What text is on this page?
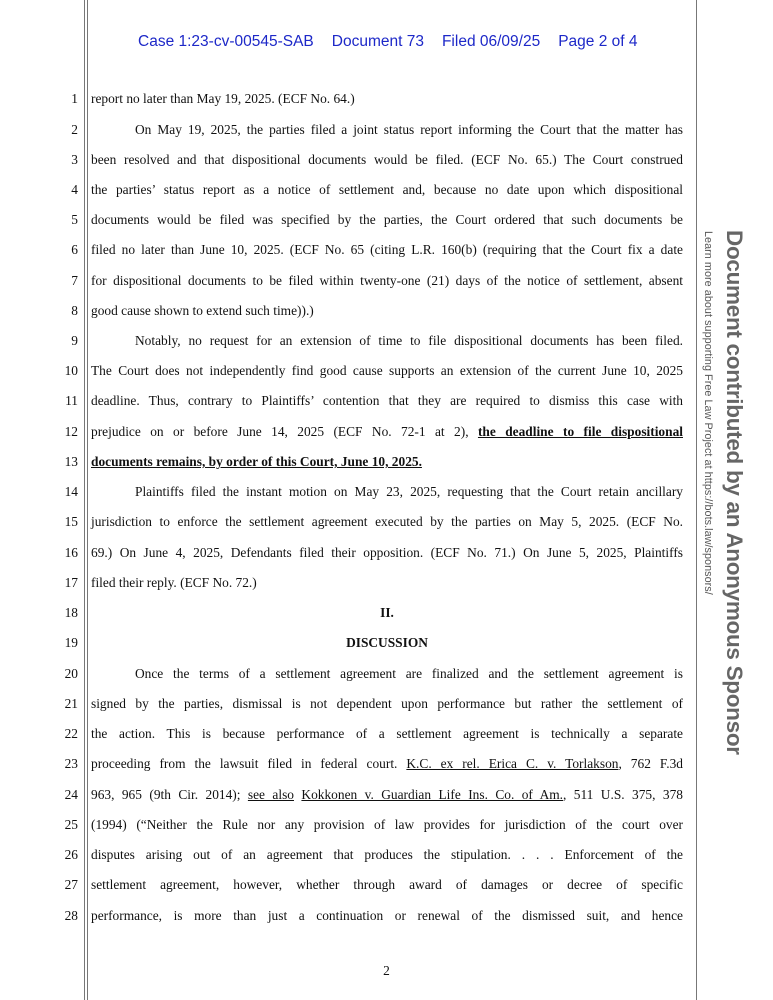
Case 1:23-cv-00545-SAB Document 73 Filed 06/09/25 Page 2 of 4
1
2
3
4
5
6
7
8
9
10
11
12
13
14
15
16
17
18
19
20
21
22
23
24
25
26
27
28
report no later than May 19, 2025. (ECF No. 64.)
On May 19, 2025, the parties filed a joint status report informing the Court that the matter has
been resolved and that dispositional documents would be filed. (ECF No. 65.) The Court construed
the parties’ status report as a notice of settlement and, because no date upon which dispositional
documents would be filed was specified by the parties, the Court ordered that such documents be
filed no later than June 10, 2025. (ECF No. 65 (citing L.R. 160(b) (requiring that the Court fix a date
for dispositional documents to be filed within twenty-one (21) days of the notice of settlement, absent
good cause shown to extend such time)).)
Notably, no request for an extension of time to file dispositional documents has been filed.
The Court does not independently find good cause supports an extension of the current June 10, 2025
deadline. Thus, contrary to Plaintiffs’ contention that they are required to dismiss this case with
prejudice on or before June 14, 2025 (ECF No. 72-1 at 2), the deadline to file dispositional
documents remains, by order of this Court, June 10, 2025.
Plaintiffs filed the instant motion on May 23, 2025, requesting that the Court retain ancillary
jurisdiction to enforce the settlement agreement executed by the parties on May 5, 2025. (ECF No.
69.) On June 4, 2025, Defendants filed their opposition. (ECF No. 71.) On June 5, 2025, Plaintiffs
filed their reply. (ECF No. 72.)
II.
DISCUSSION
Once the terms of a settlement agreement are finalized and the settlement agreement is
signed by the parties, dismissal is not dependent upon performance but rather the settlement of
the action. This is because performance of a settlement agreement is technically a separate
proceeding from the lawsuit filed in federal court. K.C. ex rel. Erica C. v. Torlakson, 762 F.3d
963, 965 (9th Cir. 2014); see also Kokkonen v. Guardian Life Ins. Co. of Am., 511 U.S. 375, 378
(1994) (“Neither the Rule nor any provision of law provides for jurisdiction of the court over
disputes arising out of an agreement that produces the stipulation. . . . Enforcement of the
settlement agreement, however, whether through award of damages or decree of specific
performance, is more than just a continuation or renewal of the dismissed suit, and hence
2
Document contributed by an Anonymous Sponsor
Learn more about supporting Free Law Project at https://bots.law/sponsors/
